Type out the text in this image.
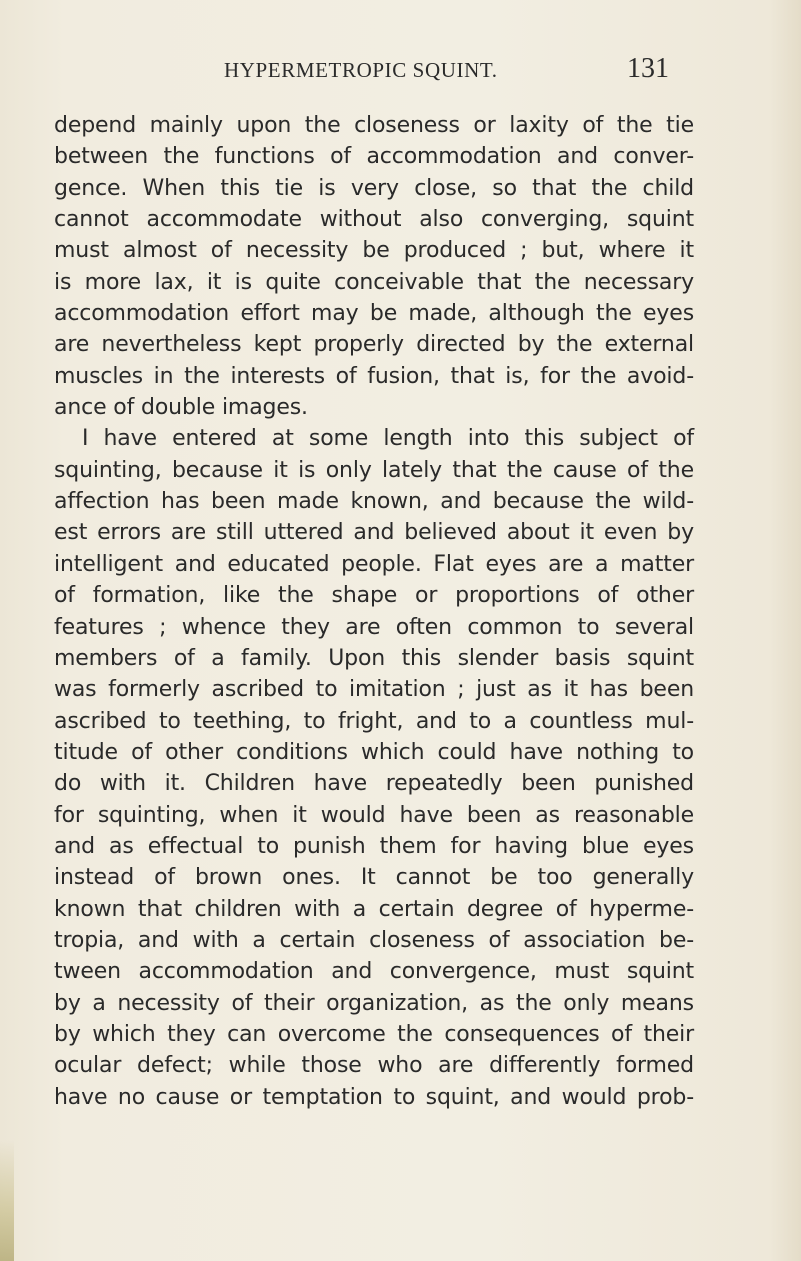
HYPERMETROPIC SQUINT.	131
depend mainly upon the closeness or laxity of the tie
between the functions of accommodation and conver-
gence. When this tie is very close, so that the child
cannot accommodate without also converging, squint
must almost of necessity be produced ; but, where it
is more lax, it is quite conceivable that the necessary
accommodation effort may be made, although the eyes
are nevertheless kept properly directed by the external
muscles in the interests of fusion, that is, for the avoid-
ance of double images.
I have entered at some length into this subject of
squinting, because it is only lately that the cause of the
affection has been made known, and because the wild-
est errors are still uttered and believed about it even by
intelligent and educated people. Flat eyes are a matter
of formation, like the shape or proportions of other
features ; whence they are often common to several
members of a family. Upon this slender basis squint
was formerly ascribed to imitation ; just as it has been
ascribed to teething, to fright, and to a countless mul-
titude of other conditions which could have nothing to
do with it. Children have repeatedly been punished
for squinting, when it would have been as reasonable
and as effectual to punish them for having blue eyes
instead of brown ones. It cannot be too generally
known that children with a certain degree of hyperme-
tropia, and with a certain closeness of association be-
tween accommodation and convergence, must squint
by a necessity of their organization, as the only means
by which they can overcome the consequences of their
ocular defect; while those who are differently formed
have no cause or temptation to squint, and would prob-
